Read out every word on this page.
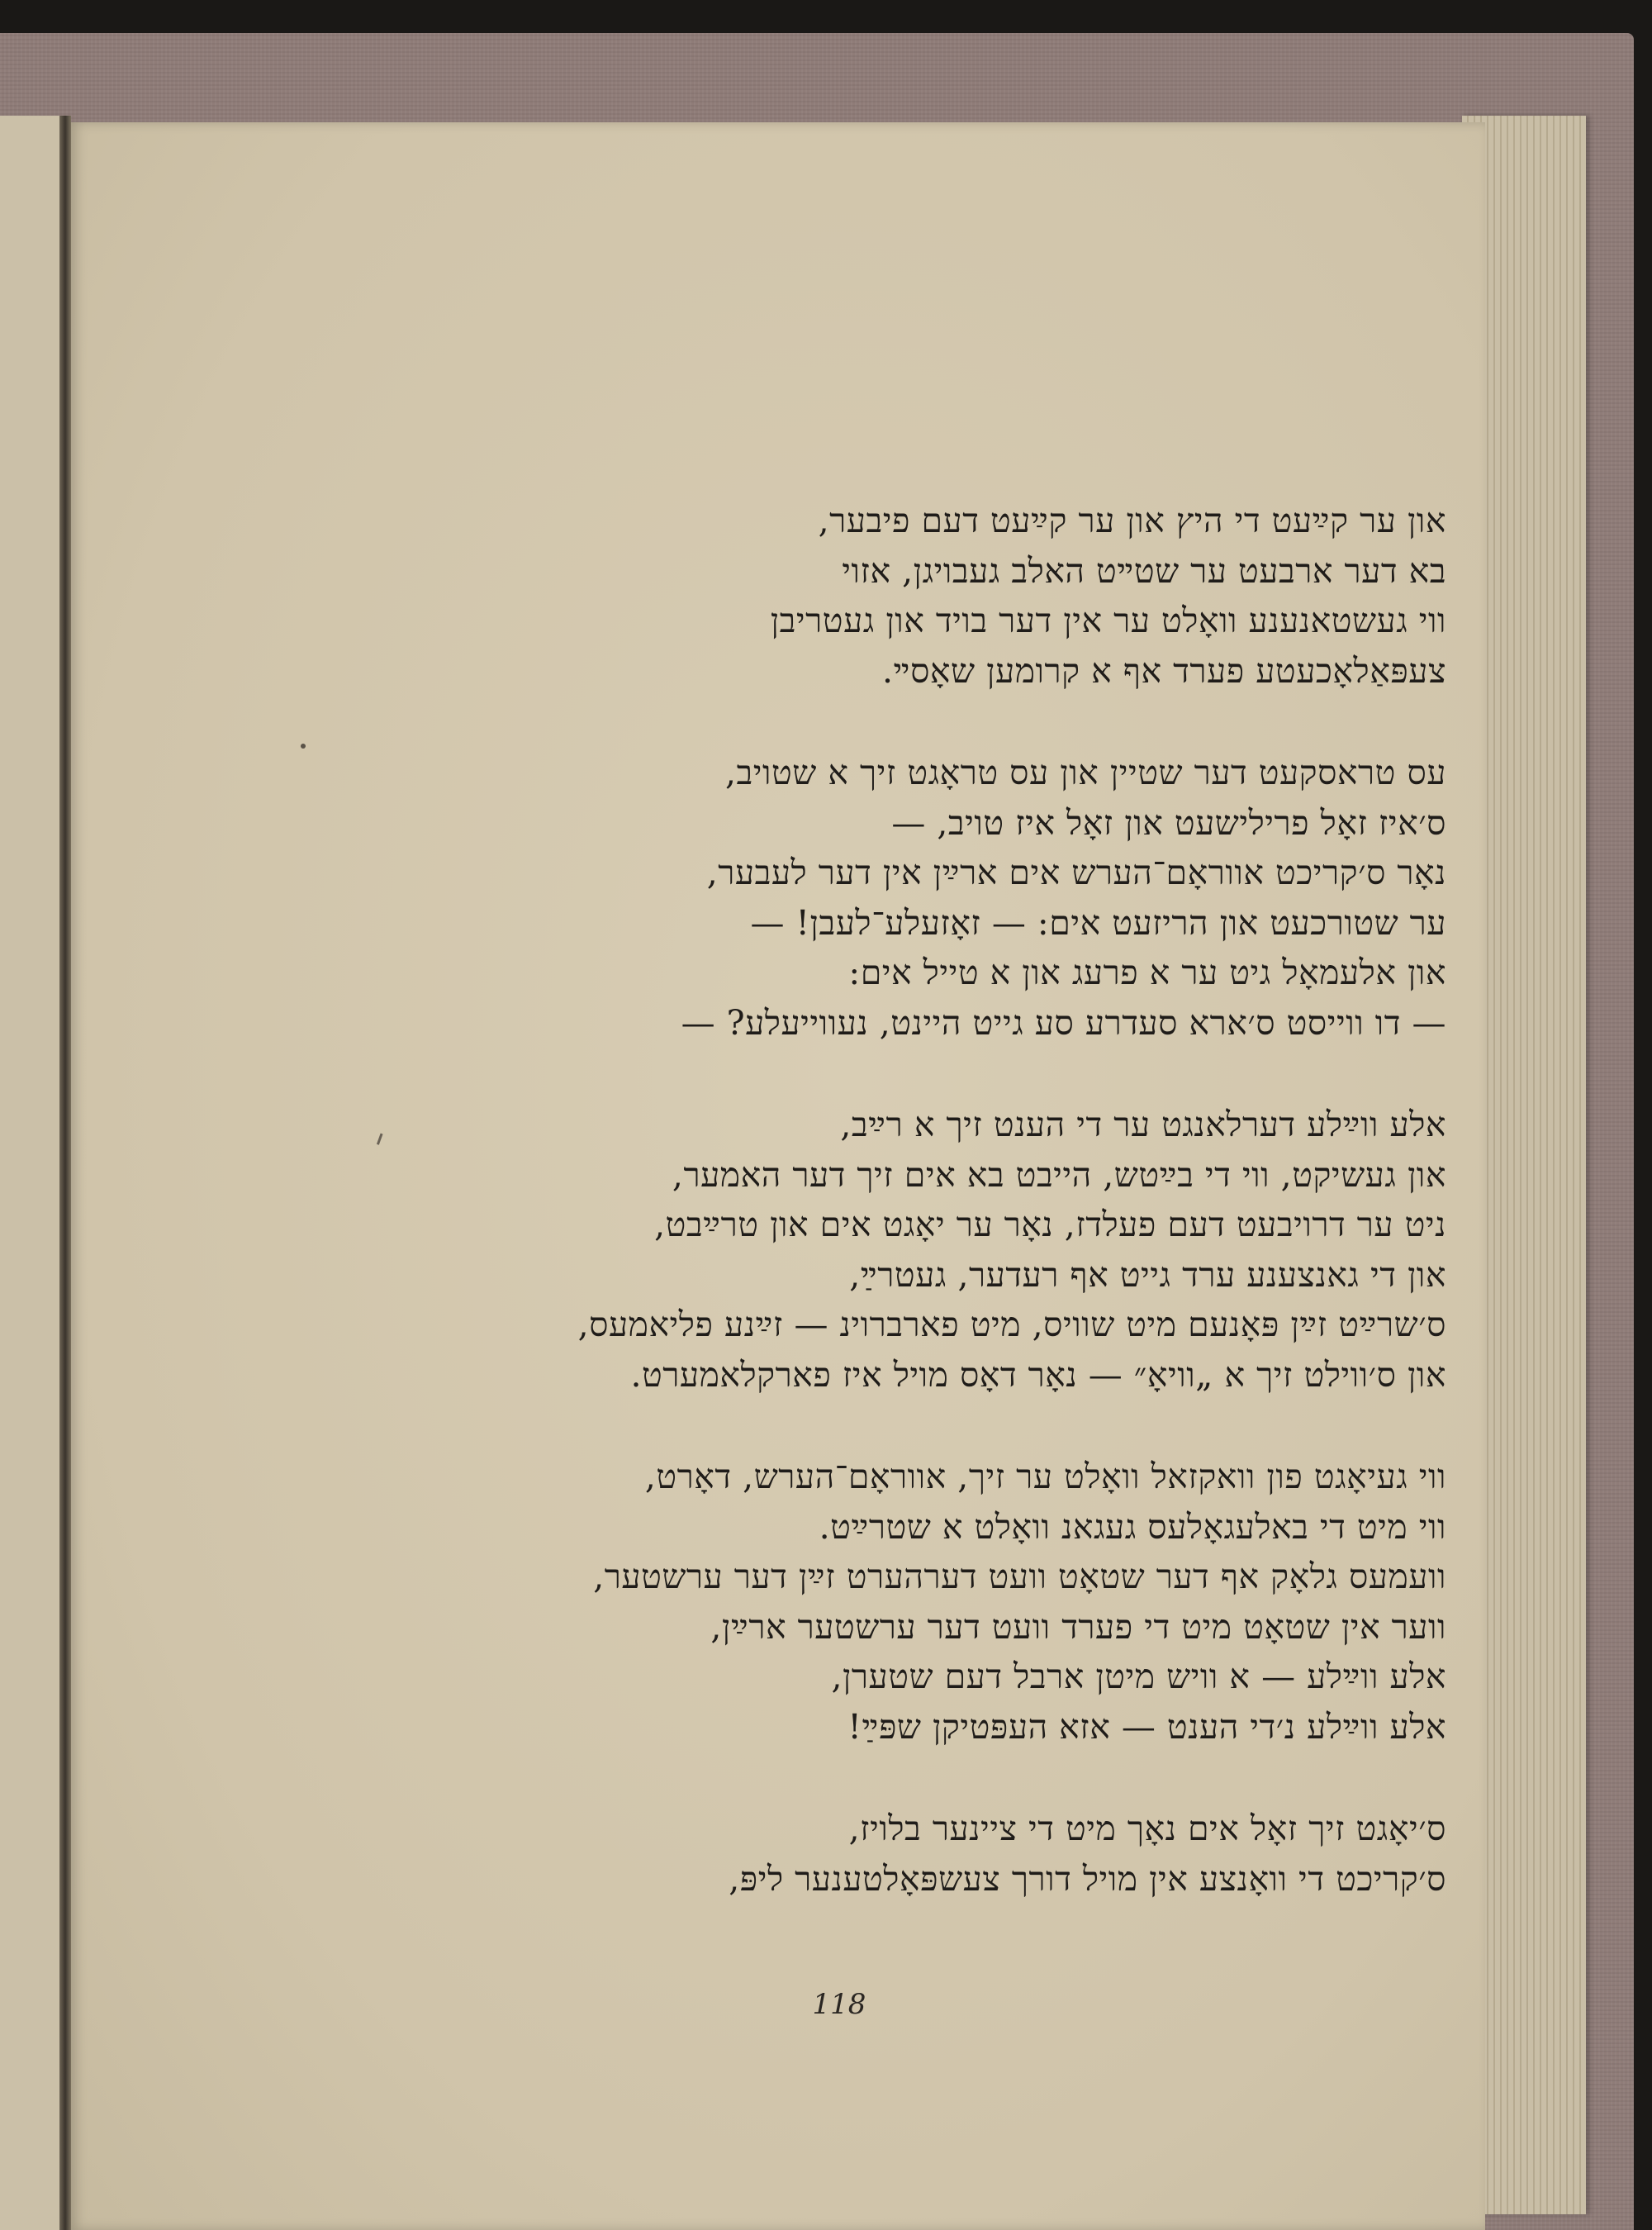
און ער קײַעט די היץ און ער קײַעט דעם פיבער,
בא דער ארבעט ער שטײט האלב געבויגן, אזוי
ווי געשטאנענע וואָלט ער אין דער בויד און געטריבן
צעפּאַלאָכעטע פערד אף א קרומען שאָסײ.
עס טראסקעט דער שטיין און עס טראָגט זיך א שטויב,
ס׳איז זאָל פרילישעט און זאָל איז טויב, —
נאָר ס׳קריכט אווראָם־הערש אים ארײַן אין דער לעבער,
ער שטורכעט און הריזעט אים: — זאָזעלע־לעבן! —
און אלעמאָל גיט ער א פרעג און א טייל אים:
— דו ווייסט ס׳ארא סעדרע סע גייט היינט, נעווייעלע? —
אלע ווײַלע דערלאנגט ער די הענט זיך א רײַב,
און געשיקט, ווי די בײַטש, הייבט בא אים זיך דער האמער,
ניט ער דרויבעט דעם פעלדז, נאָר ער יאָגט אים און טרײַבט,
און די גאנצענע ערד גייט אף רעדער, געטרײַ,
ס׳שרײַט זײַן פּאָנעם מיט שוויס, מיט פארברוינ — זײַנע פליאמעס,
און ס׳ווילט זיך א „וויאָ״ — נאָר דאָס מויל איז פארקלאמערט.
ווי געיאָגט פון וואקזאל וואָלט ער זיך, אווראָם־הערש, דאָרט,
ווי מיט די באלעגאָלעס געגאנ וואָלט א שטרײַט.
וועמעס גלאָק אף דער שטאָט וועט דערהערט זײַן דער ערשטער,
ווער אין שטאָט מיט די פערד וועט דער ערשטער ארײַן,
אלע ווײַלע — א וויש מיטן ארבל דעם שטערן,
אלע ווײַלע נ׳די הענט — אזא העפּטיקן שפּײַ!
ס׳יאָגט זיך זאָל אים נאָך מיט די ציינער בלויז,
ס׳קריכט די וואָנצע אין מויל דורך צעשפּאָלטענער ליפּ,
118
